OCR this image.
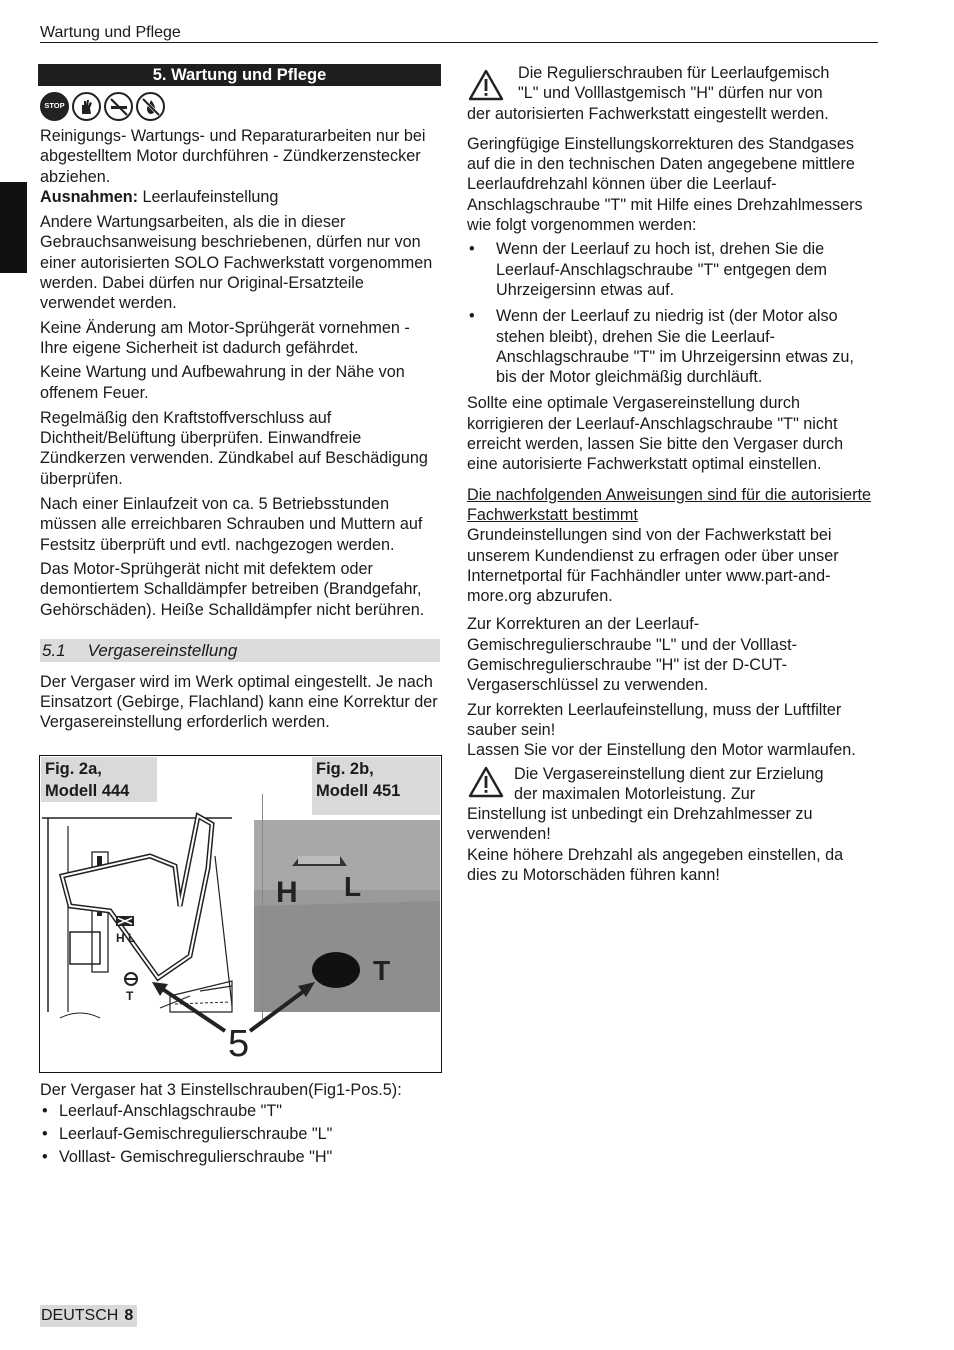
Wartung und Pflege
5. Wartung und Pflege
STOP

Reinigungs- Wartungs- und Reparaturarbeiten nur bei abgestelltem Motor durchführen - Zündkerzenstecker abziehen.

Ausnahmen: Leerlaufeinstellung

Andere Wartungsarbeiten, als die in dieser Gebrauchsanweisung beschriebenen, dürfen nur von einer autorisierten SOLO Fachwerkstatt vorgenommen werden. Dabei dürfen nur Original-Ersatzteile verwendet werden.

Keine Änderung am Motor-Sprühgerät vornehmen - Ihre eigene Sicherheit ist dadurch gefährdet.

Keine Wartung und Aufbewahrung in der Nähe von offenem Feuer.

Regelmäßig den Kraftstoffverschluss auf Dichtheit/Belüftung überprüfen. Einwandfreie Zündkerzen verwenden. Zündkabel auf Beschädigung überprüfen.

Nach einer Einlaufzeit von ca. 5 Betriebsstunden müssen alle erreichbaren Schrauben und Muttern auf Festsitz überprüft und evtl. nachgezogen werden.

Das Motor-Sprühgerät nicht mit defektem oder demontiertem Schalldämpfer betreiben (Brandgefahr, Gehörschäden). Heiße Schalldämpfer nicht berühren.

5.1 Vergasereinstellung

Der Vergaser wird im Werk optimal eingestellt. Je nach Einsatzort (Gebirge, Flachland) kann eine Korrektur der Vergasereinstellung erforderlich werden.

H L
T
H L
T
5
Fig. 2a,
Modell 444
Fig. 2b,
Modell 451

Der Vergaser hat 3 Einstellschrauben(Fig1-Pos.5):

• Leerlauf-Anschlagschraube "T"
• Leerlauf-Gemischregulierschraube "L"
• Volllast- Gemischregulierschraube "H"

Die Regulierschrauben für Leerlaufgemisch

"L" und Volllastgemisch "H" dürfen nur von

der autorisierten Fachwerkstatt eingestellt werden.

Geringfügige Einstellungskorrekturen des Standgases auf die in den technischen Daten angegebene mittlere Leerlaufdrehzahl können über die Leerlauf-Anschlagschraube "T" mit Hilfe eines Drehzahlmessers wie folgt vorgenommen werden:

• Wenn der Leerlauf zu hoch ist, drehen Sie die Leerlauf-Anschlagschraube "T" entgegen dem Uhrzeigersinn etwas auf.
• Wenn der Leerlauf zu niedrig ist (der Motor also stehen bleibt), drehen Sie die Leerlauf-Anschlagschraube "T" im Uhrzeigersinn etwas zu, bis der Motor gleichmäßig durchläuft.

Sollte eine optimale Vergasereinstellung durch korrigieren der Leerlauf-Anschlagschraube "T" nicht erreicht werden, lassen Sie bitte den Vergaser durch eine autorisierte Fachwerkstatt optimal einstellen.

Die nachfolgenden Anweisungen sind für die autorisierte Fachwerkstatt bestimmt

Grundeinstellungen sind von der Fachwerkstatt bei unserem Kundendienst zu erfragen oder über unser Internetportal für Fachhändler unter www.part-and-more.org abzurufen.

Zur Korrekturen an der Leerlauf-Gemischregulierschraube "L" und der Volllast-Gemischregulierschraube "H" ist der D-CUT-Vergaserschlüssel zu verwenden.

Zur korrekten Leerlaufeinstellung, muss der Luftfilter sauber sein!

Lassen Sie vor der Einstellung den Motor warmlaufen.

Die Vergasereinstellung dient zur Erzielung

der maximalen Motorleistung. Zur

Einstellung ist unbedingt ein Drehzahlmesser zu verwenden!

Keine höhere Drehzahl als angegeben einstellen, da dies zu Motorschäden führen kann!

DEUTSCH 8
